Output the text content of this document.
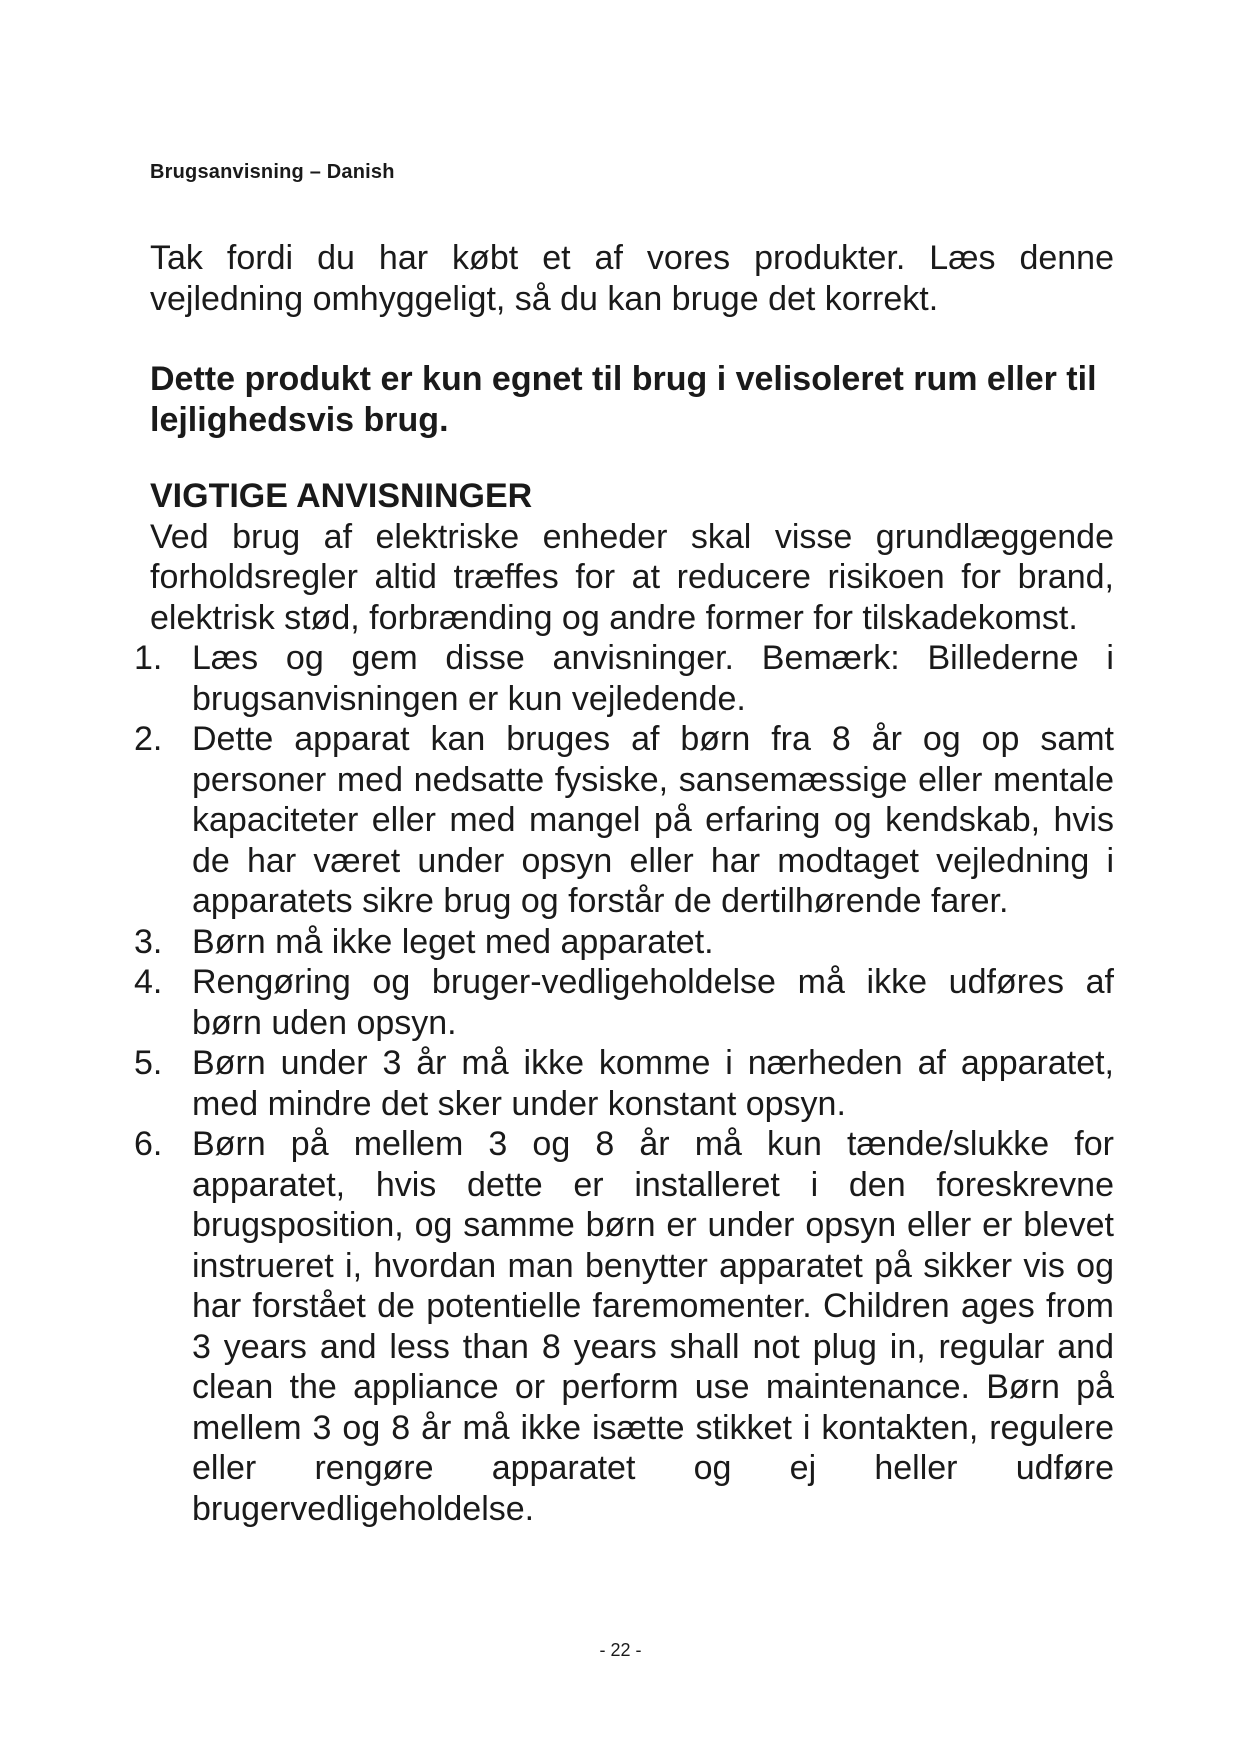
Brugsanvisning – Danish

Tak fordi du har købt et af vores produkter. Læs denne vejledning omhyggeligt, så du kan bruge det korrekt.

Dette produkt er kun egnet til brug i velisoleret rum eller til lejlighedsvis brug.

VIGTIGE ANVISNINGER

Ved brug af elektriske enheder skal visse grundlæggende forholdsregler altid træffes for at reducere risikoen for brand, elektrisk stød, forbrænding og andre former for tilskadekomst.

1. Læs og gem disse anvisninger. Bemærk: Billederne i brugsanvisningen er kun vejledende.
2. Dette apparat kan bruges af børn fra 8 år og op samt personer med nedsatte fysiske, sansemæssige eller mentale kapaciteter eller med mangel på erfaring og kendskab, hvis de har været under opsyn eller har modtaget vejledning i apparatets sikre brug og forstår de dertilhørende farer.
3. Børn må ikke leget med apparatet.
4. Rengøring og bruger-vedligeholdelse må ikke udføres af børn uden opsyn.
5. Børn under 3 år må ikke komme i nærheden af apparatet, med mindre det sker under konstant opsyn.
6. Børn på mellem 3 og 8 år må kun tænde/slukke for apparatet, hvis dette er installeret i den foreskrevne brugsposition, og samme børn er under opsyn eller er blevet instrueret i, hvordan man benytter apparatet på sikker vis og har forstået de potentielle faremomenter. Children ages from 3 years and less than 8 years shall not plug in, regular and clean the appliance or perform use maintenance. Børn på mellem 3 og 8 år må ikke isætte stikket i kontakten, regulere eller rengøre apparatet og ej heller udføre brugervedligeholdelse.
- 22 -
